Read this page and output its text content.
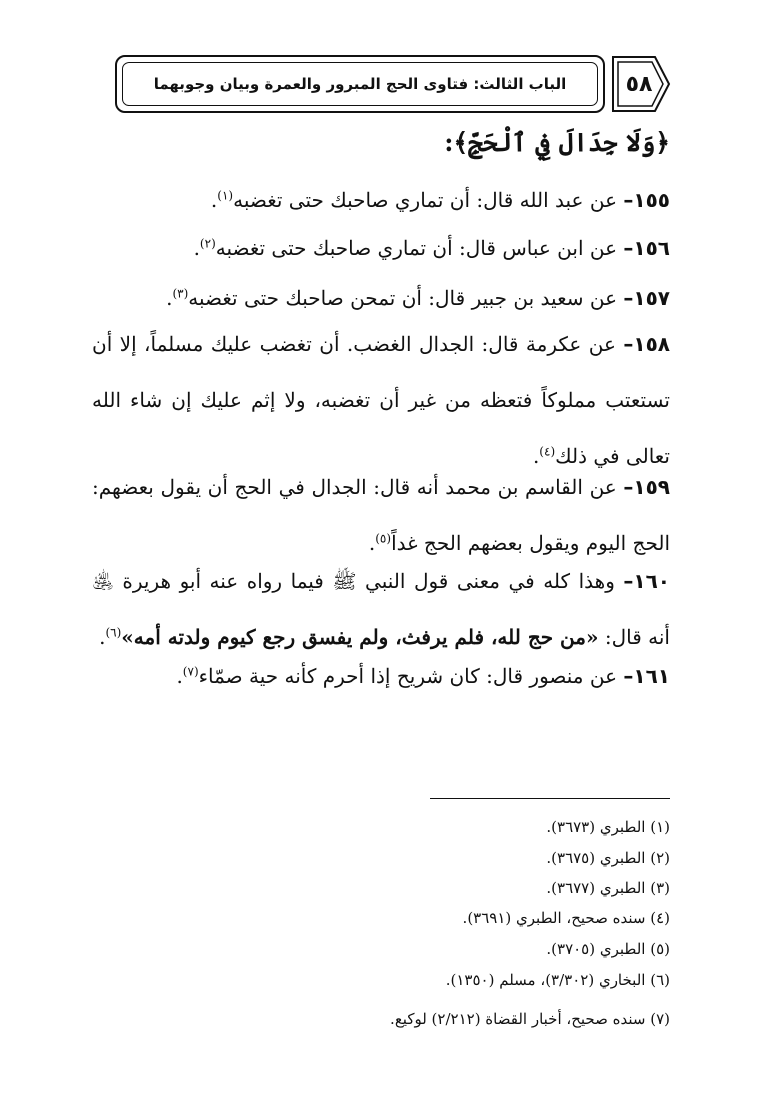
الباب الثالث: فتاوى الحج المبرور والعمرة وبيان وجوبهما	٥٨
﴿وَلَا جِدَالَ فِي ٱلْحَجِّ﴾:
١٥٥– عن عبد الله قال: أن تماري صاحبك حتى تغضبه$^{(١)}$.
١٥٦– عن ابن عباس قال: أن تماري صاحبك حتى تغضبه$^{(٢)}$.
١٥٧– عن سعيد بن جبير قال: أن تمحن صاحبك حتى تغضبه$^{(٣)}$.
١٥٨– عن عكرمة قال: الجدال الغضب. أن تغضب عليك مسلماً، إلا أن تستعتب مملوكاً فتعظه من غير أن تغضبه، ولا إثم عليك إن شاء الله تعالى في ذلك$^{(٤)}$.
١٥٩– عن القاسم بن محمد أنه قال: الجدال في الحج أن يقول بعضهم: الحج اليوم ويقول بعضهم الحج غداً$^{(٥)}$.
١٦٠– وهذا كله في معنى قول النبي ﷺ فيما رواه عنه أبو هريرة ﵁ أنه قال: «من حج لله، فلم يرفث، ولم يفسق رجع كيوم ولدته أمه»$^{(٦)}$.
١٦١– عن منصور قال: كان شريح إذا أحرم كأنه حية صمّاء$^{(٧)}$.
(١) الطبري (٣٦٧٣).
(٢) الطبري (٣٦٧٥).
(٣) الطبري (٣٦٧٧).
(٤) سنده صحيح، الطبري (٣٦٩١).
(٥) الطبري (٣٧٠٥).
(٦) البخاري (٣/٣٠٢)، مسلم (١٣٥٠).
(٧) سنده صحيح، أخبار القضاة (٢/٢١٢) لوكيع.
